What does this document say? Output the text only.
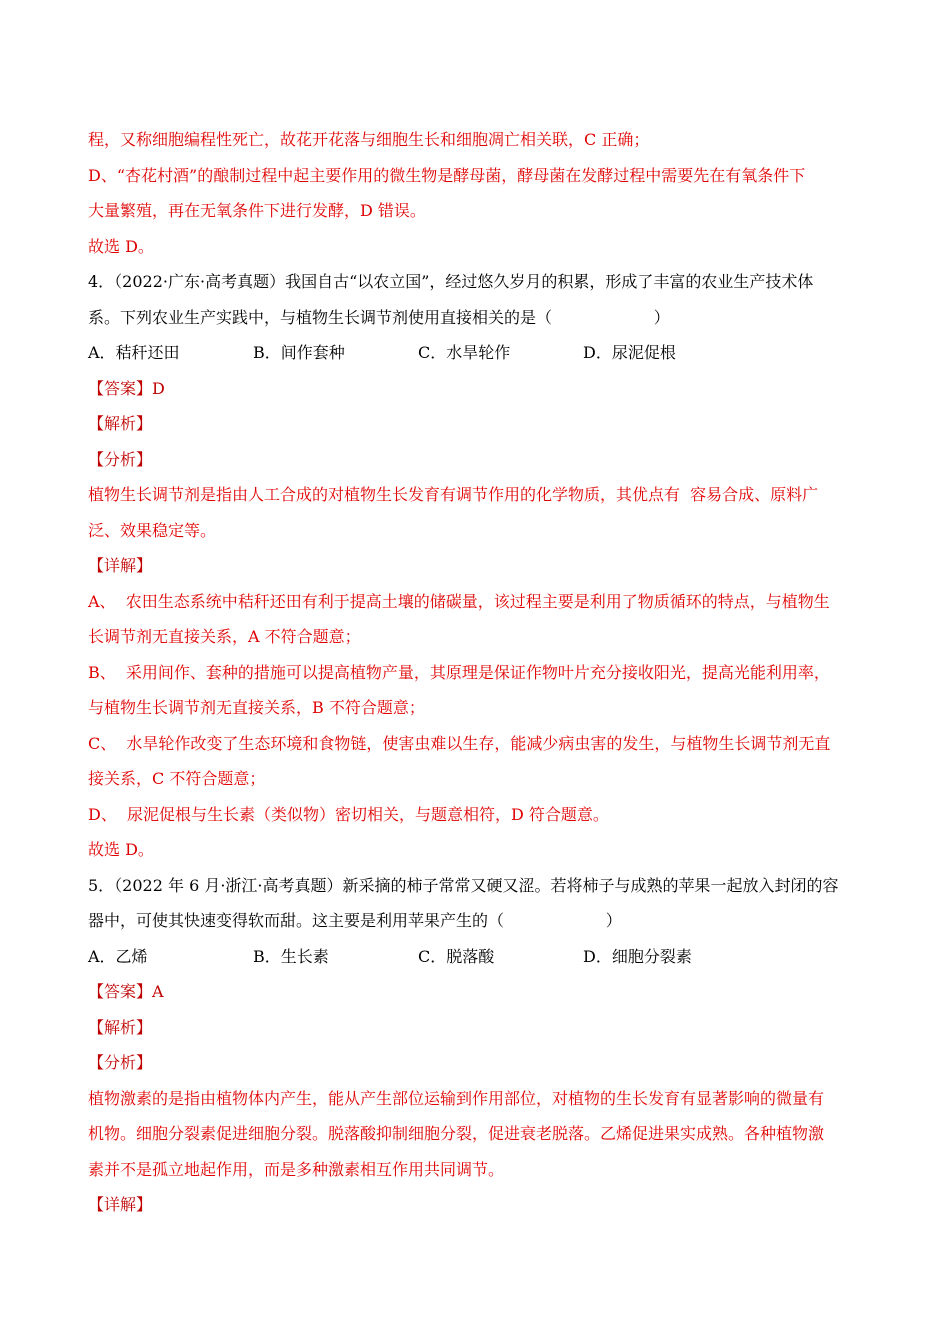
程，又称细胞编程性死亡，故花开花落与细胞生长和细胞凋亡相关联，C 正确；
D、“杏花村酒”的酿制过程中起主要作用的微生物是酵母菌，酵母菌在发酵过程中需要先在有氧条件下
大量繁殖，再在无氧条件下进行发酵，D 错误。
故选 D。
4．（2022·广东·高考真题）我国自古“以农立国”，经过悠久岁月的积累，形成了丰富的农业生产技术体
系。下列农业生产实践中，与植物生长调节剂使用直接相关的是（                    ）
A．秸秆还田	B．间作套种	C．水旱轮作	D．尿泥促根
【答案】D
【解析】
【分析】
植物生长调节剂是指由人工合成的对植物生长发育有调节作用的化学物质，其优点有  容易合成、原料广
泛、效果稳定等。
【详解】
A、  农田生态系统中秸秆还田有利于提高土壤的储碳量，该过程主要是利用了物质循环的特点，与植物生
长调节剂无直接关系，A 不符合题意；
B、  采用间作、套种的措施可以提高植物产量，其原理是保证作物叶片充分接收阳光，提高光能利用率，
与植物生长调节剂无直接关系，B 不符合题意；
C、  水旱轮作改变了生态环境和食物链，使害虫难以生存，能减少病虫害的发生，与植物生长调节剂无直
接关系，C 不符合题意；
D、  尿泥促根与生长素（类似物）密切相关，与题意相符，D 符合题意。
故选 D。
5．（2022 年 6 月·浙江·高考真题）新采摘的柿子常常又硬又涩。若将柿子与成熟的苹果一起放入封闭的容
器中，可使其快速变得软而甜。这主要是利用苹果产生的（                    ）
A．乙烯	B．生长素	C．脱落酸	D．细胞分裂素
【答案】A
【解析】
【分析】
植物激素的是指由植物体内产生，能从产生部位运输到作用部位，对植物的生长发育有显著影响的微量有
机物。细胞分裂素促进细胞分裂。脱落酸抑制细胞分裂，促进衰老脱落。乙烯促进果实成熟。各种植物激
素并不是孤立地起作用，而是多种激素相互作用共同调节。
【详解】
